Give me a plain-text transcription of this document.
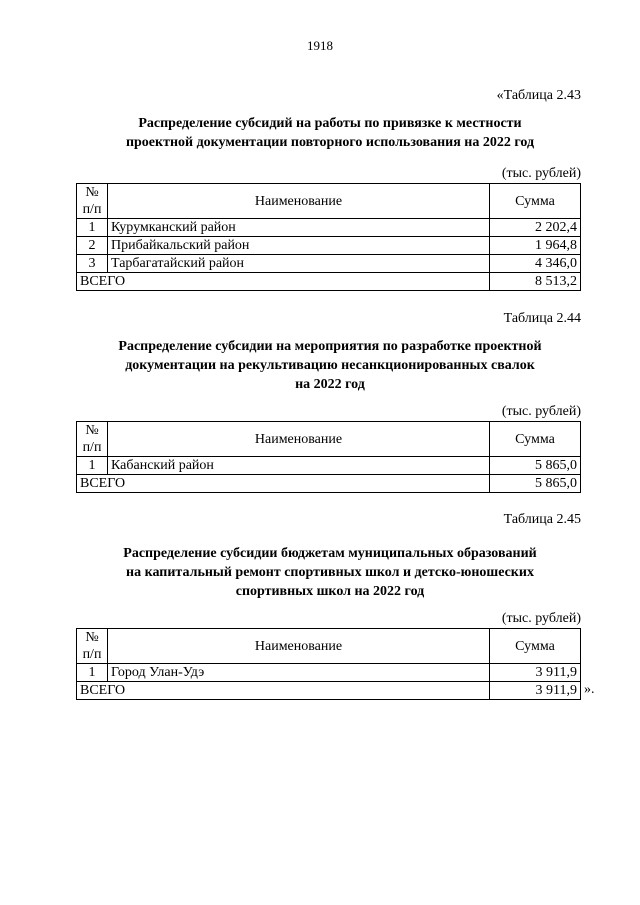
1918
«Таблица 2.43
Распределение субсидий на работы по привязке к местности
проектной документации повторного использования на 2022 год
(тыс. рублей)
№
п/п	Наименование	Сумма
1	Курумканский район	2 202,4
2	Прибайкальский район	1 964,8
3	Тарбагатайский район	4 346,0
ВСЕГО		8 513,2
Таблица 2.44
Распределение субсидии на мероприятия по разработке проектной
документации на рекультивацию несанкционированных свалок
на 2022 год
(тыс. рублей)
№
п/п	Наименование	Сумма
1	Кабанский район	5 865,0
ВСЕГО		5 865,0
Таблица 2.45
Распределение субсидии бюджетам муниципальных образований
на капитальный ремонт спортивных школ и детско-юношеских
спортивных школ на 2022 год
(тыс. рублей)
№
п/п	Наименование	Сумма
1	Город Улан-Удэ	3 911,9
ВСЕГО		3 911,9 ».
